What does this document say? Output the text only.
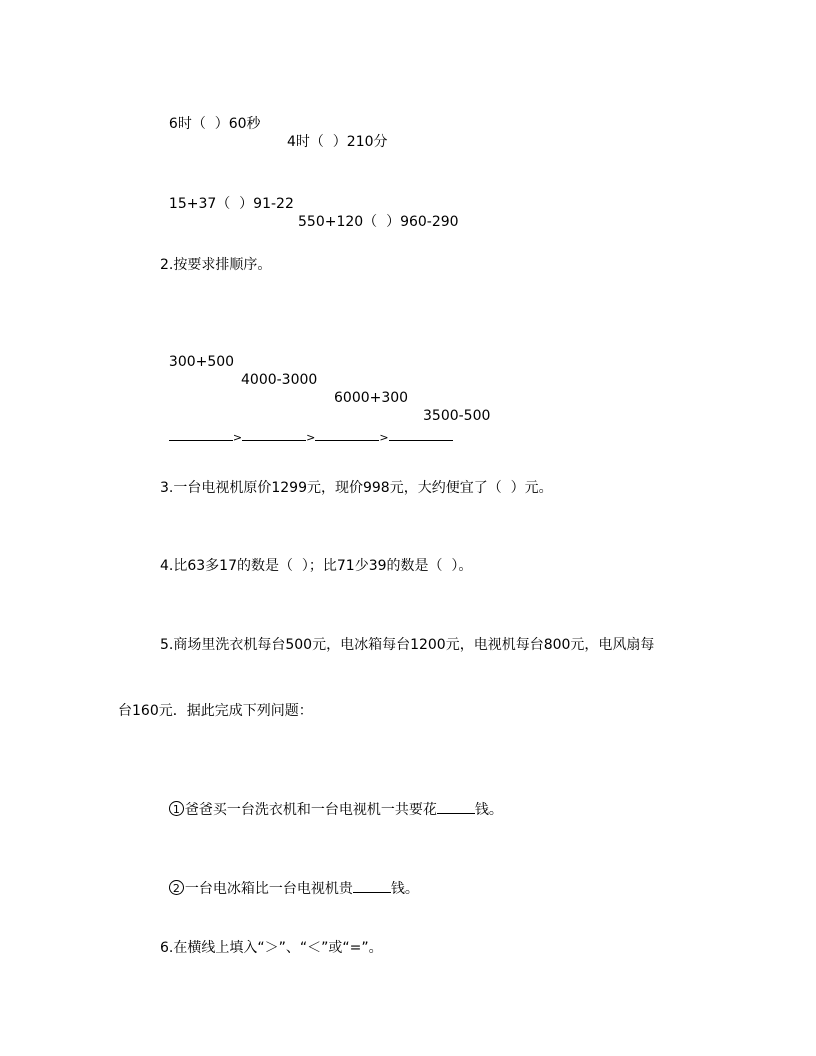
6时（  ）60秒

4时（  ）210分

15+37（  ）91-22

550+120（  ）960-290

2.按要求排顺序。

300+500

4000-3000

6000+300

3500-500

>	>	>

3.一台电视机原价1299元，现价998元，大约便宜了（  ）元。
4.比63多17的数是（  ）；比71少39的数是（  ）。
5.商场里洗衣机每台500元，电冰箱每台1200元，电视机每台800元，电风扇每
台160元．据此完成下列问题：

1 爸爸买一台洗衣机和一台电视机一共要花	钱。

2 一台电冰箱比一台电视机贵	钱。

6.在横线上填入“＞”、“＜”或“=”。
